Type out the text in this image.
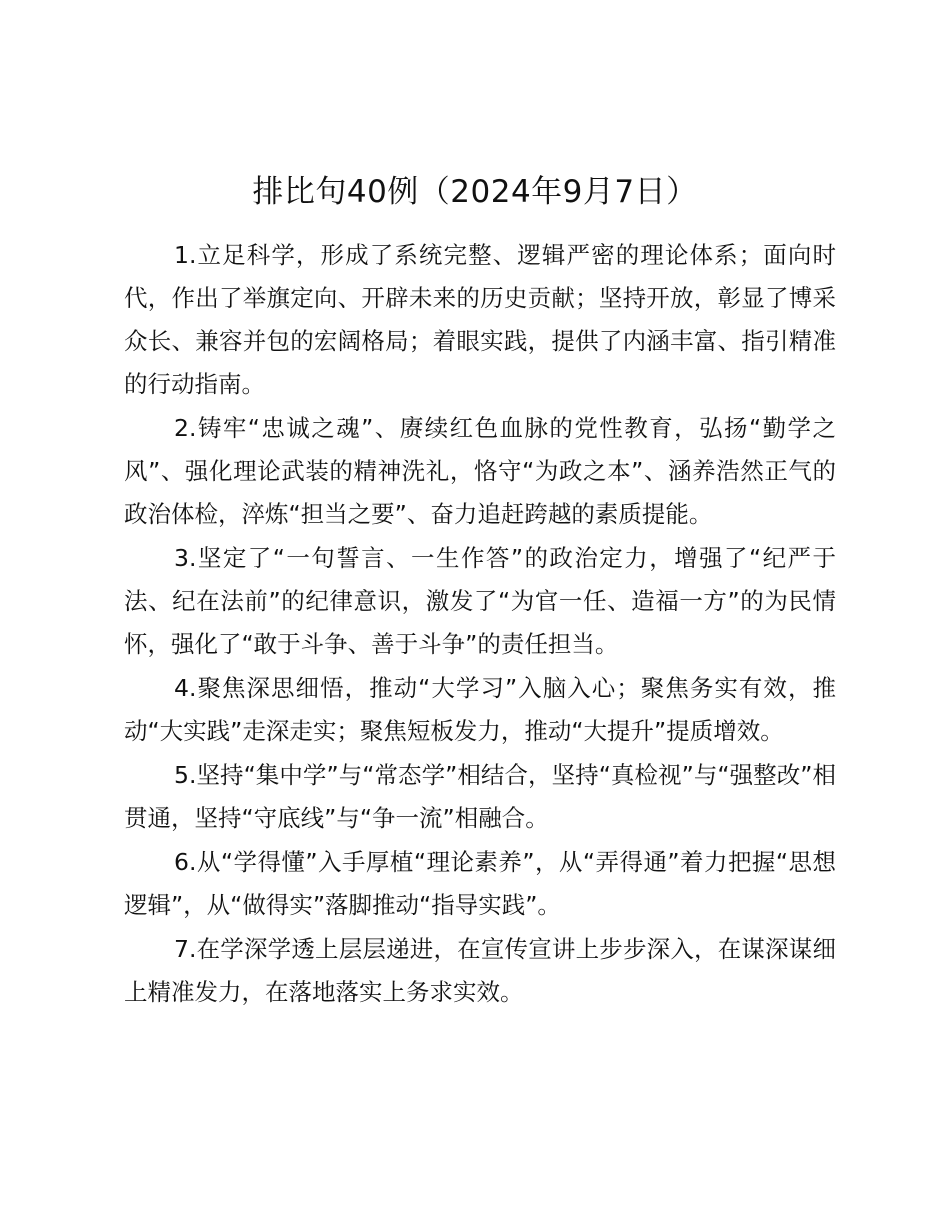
排比句40例（2024年9月7日）

1.立足科学，形成了系统完整、逻辑严密的理论体系；面向时代，作出了举旗定向、开辟未来的历史贡献；坚持开放，彰显了博采众长、兼容并包的宏阔格局；着眼实践，提供了内涵丰富、指引精准的行动指南。

2.铸牢“忠诚之魂”、赓续红色血脉的党性教育，弘扬“勤学之风”、强化理论武装的精神洗礼，恪守“为政之本”、涵养浩然正气的政治体检，淬炼“担当之要”、奋力追赶跨越的素质提能。

3.坚定了“一句誓言、一生作答”的政治定力，增强了“纪严于法、纪在法前”的纪律意识，激发了“为官一任、造福一方”的为民情怀，强化了“敢于斗争、善于斗争”的责任担当。

4.聚焦深思细悟，推动“大学习”入脑入心；聚焦务实有效，推动“大实践”走深走实；聚焦短板发力，推动“大提升”提质增效。

5.坚持“集中学”与“常态学”相结合，坚持“真检视”与“强整改”相贯通，坚持“守底线”与“争一流”相融合。

6.从“学得懂”入手厚植“理论素养”，从“弄得通”着力把握“思想逻辑”，从“做得实”落脚推动“指导实践”。

7.在学深学透上层层递进，在宣传宣讲上步步深入，在谋深谋细上精准发力，在落地落实上务求实效。
